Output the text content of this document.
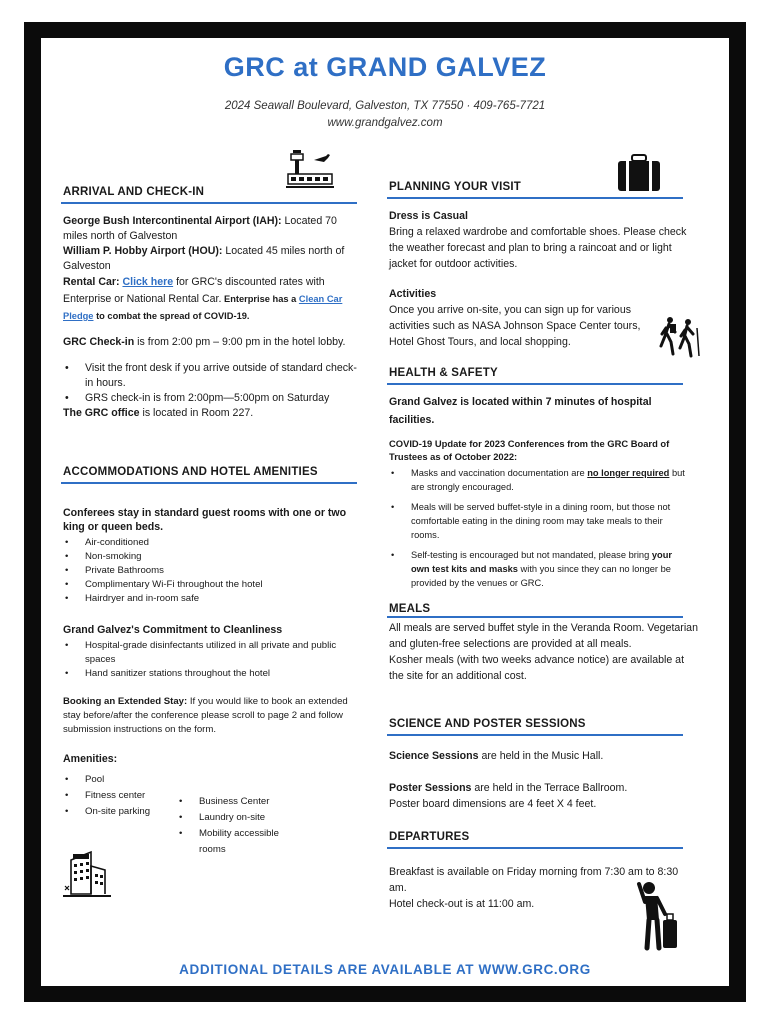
GRC at GRAND GALVEZ
2024 Seawall Boulevard, Galveston, TX 77550 · 409-765-7721
www.grandgalvez.com
ARRIVAL AND CHECK-IN

George Bush Intercontinental Airport (IAH): Located 70 miles north of Galveston

William P. Hobby Airport (HOU): Located 45 miles north of Galveston

Rental Car: Click here for GRC's discounted rates with Enterprise or National Rental Car. Enterprise has a Clean Car Pledge to combat the spread of COVID-19.

GRC Check-in is from 2:00 pm – 9:00 pm in the hotel lobby.

• Visit the front desk if you arrive outside of standard check-in hours.
• GRS check-in is from 2:00pm—5:00pm on Saturday

The GRC office is located in Room 227.

ACCOMMODATIONS AND HOTEL AMENITIES

Conferees stay in standard guest rooms with one or two king or queen beds.

• Air-conditioned
• Non-smoking
• Private Bathrooms
• Complimentary Wi-Fi throughout the hotel
• Hairdryer and in-room safe

Grand Galvez's Commitment to Cleanliness

• Hospital-grade disinfectants utilized in all private and public spaces
• Hand sanitizer stations throughout the hotel

Booking an Extended Stay: If you would like to book an extended stay before/after the conference please scroll to page 2 and follow submission instructions on the form.

Amenities:

• Pool
• Fitness center
• On-site parking
• Business Center
• Laundry on-site
• Mobility accessible rooms
PLANNING YOUR VISIT

Dress is Casual

Bring a relaxed wardrobe and comfortable shoes. Please check the weather forecast and plan to bring a raincoat and or light jacket for outdoor activities.

Activities

Once you arrive on-site, you can sign up for various activities such as NASA Johnson Space Center tours, Hotel Ghost Tours, and local shopping.

HEALTH & SAFETY

Grand Galvez is located within 7 minutes of hospital facilities.

COVID-19 Update for 2023 Conferences from the GRC Board of Trustees as of October 2022:

• Masks and vaccination documentation are no longer required but are strongly encouraged.
• Meals will be served buffet-style in a dining room, but those not comfortable eating in the dining room may take meals to their rooms.
• Self-testing is encouraged but not mandated, please bring your own test kits and masks with you since they can no longer be provided by the venues or GRC.
MEALS

All meals are served buffet style in the Veranda Room. Vegetarian and gluten-free selections are provided at all meals.

Kosher meals (with two weeks advance notice) are available at the site for an additional cost.

SCIENCE AND POSTER SESSIONS

Science Sessions are held in the Music Hall.

Poster Sessions are held in the Terrace Ballroom.

Poster board dimensions are 4 feet X 4 feet.

DEPARTURES

Breakfast is available on Friday morning from 7:30 am to 8:30 am.

Hotel check-out is at 11:00 am.

ADDITIONAL DETAILS ARE AVAILABLE AT WWW.GRC.ORG
